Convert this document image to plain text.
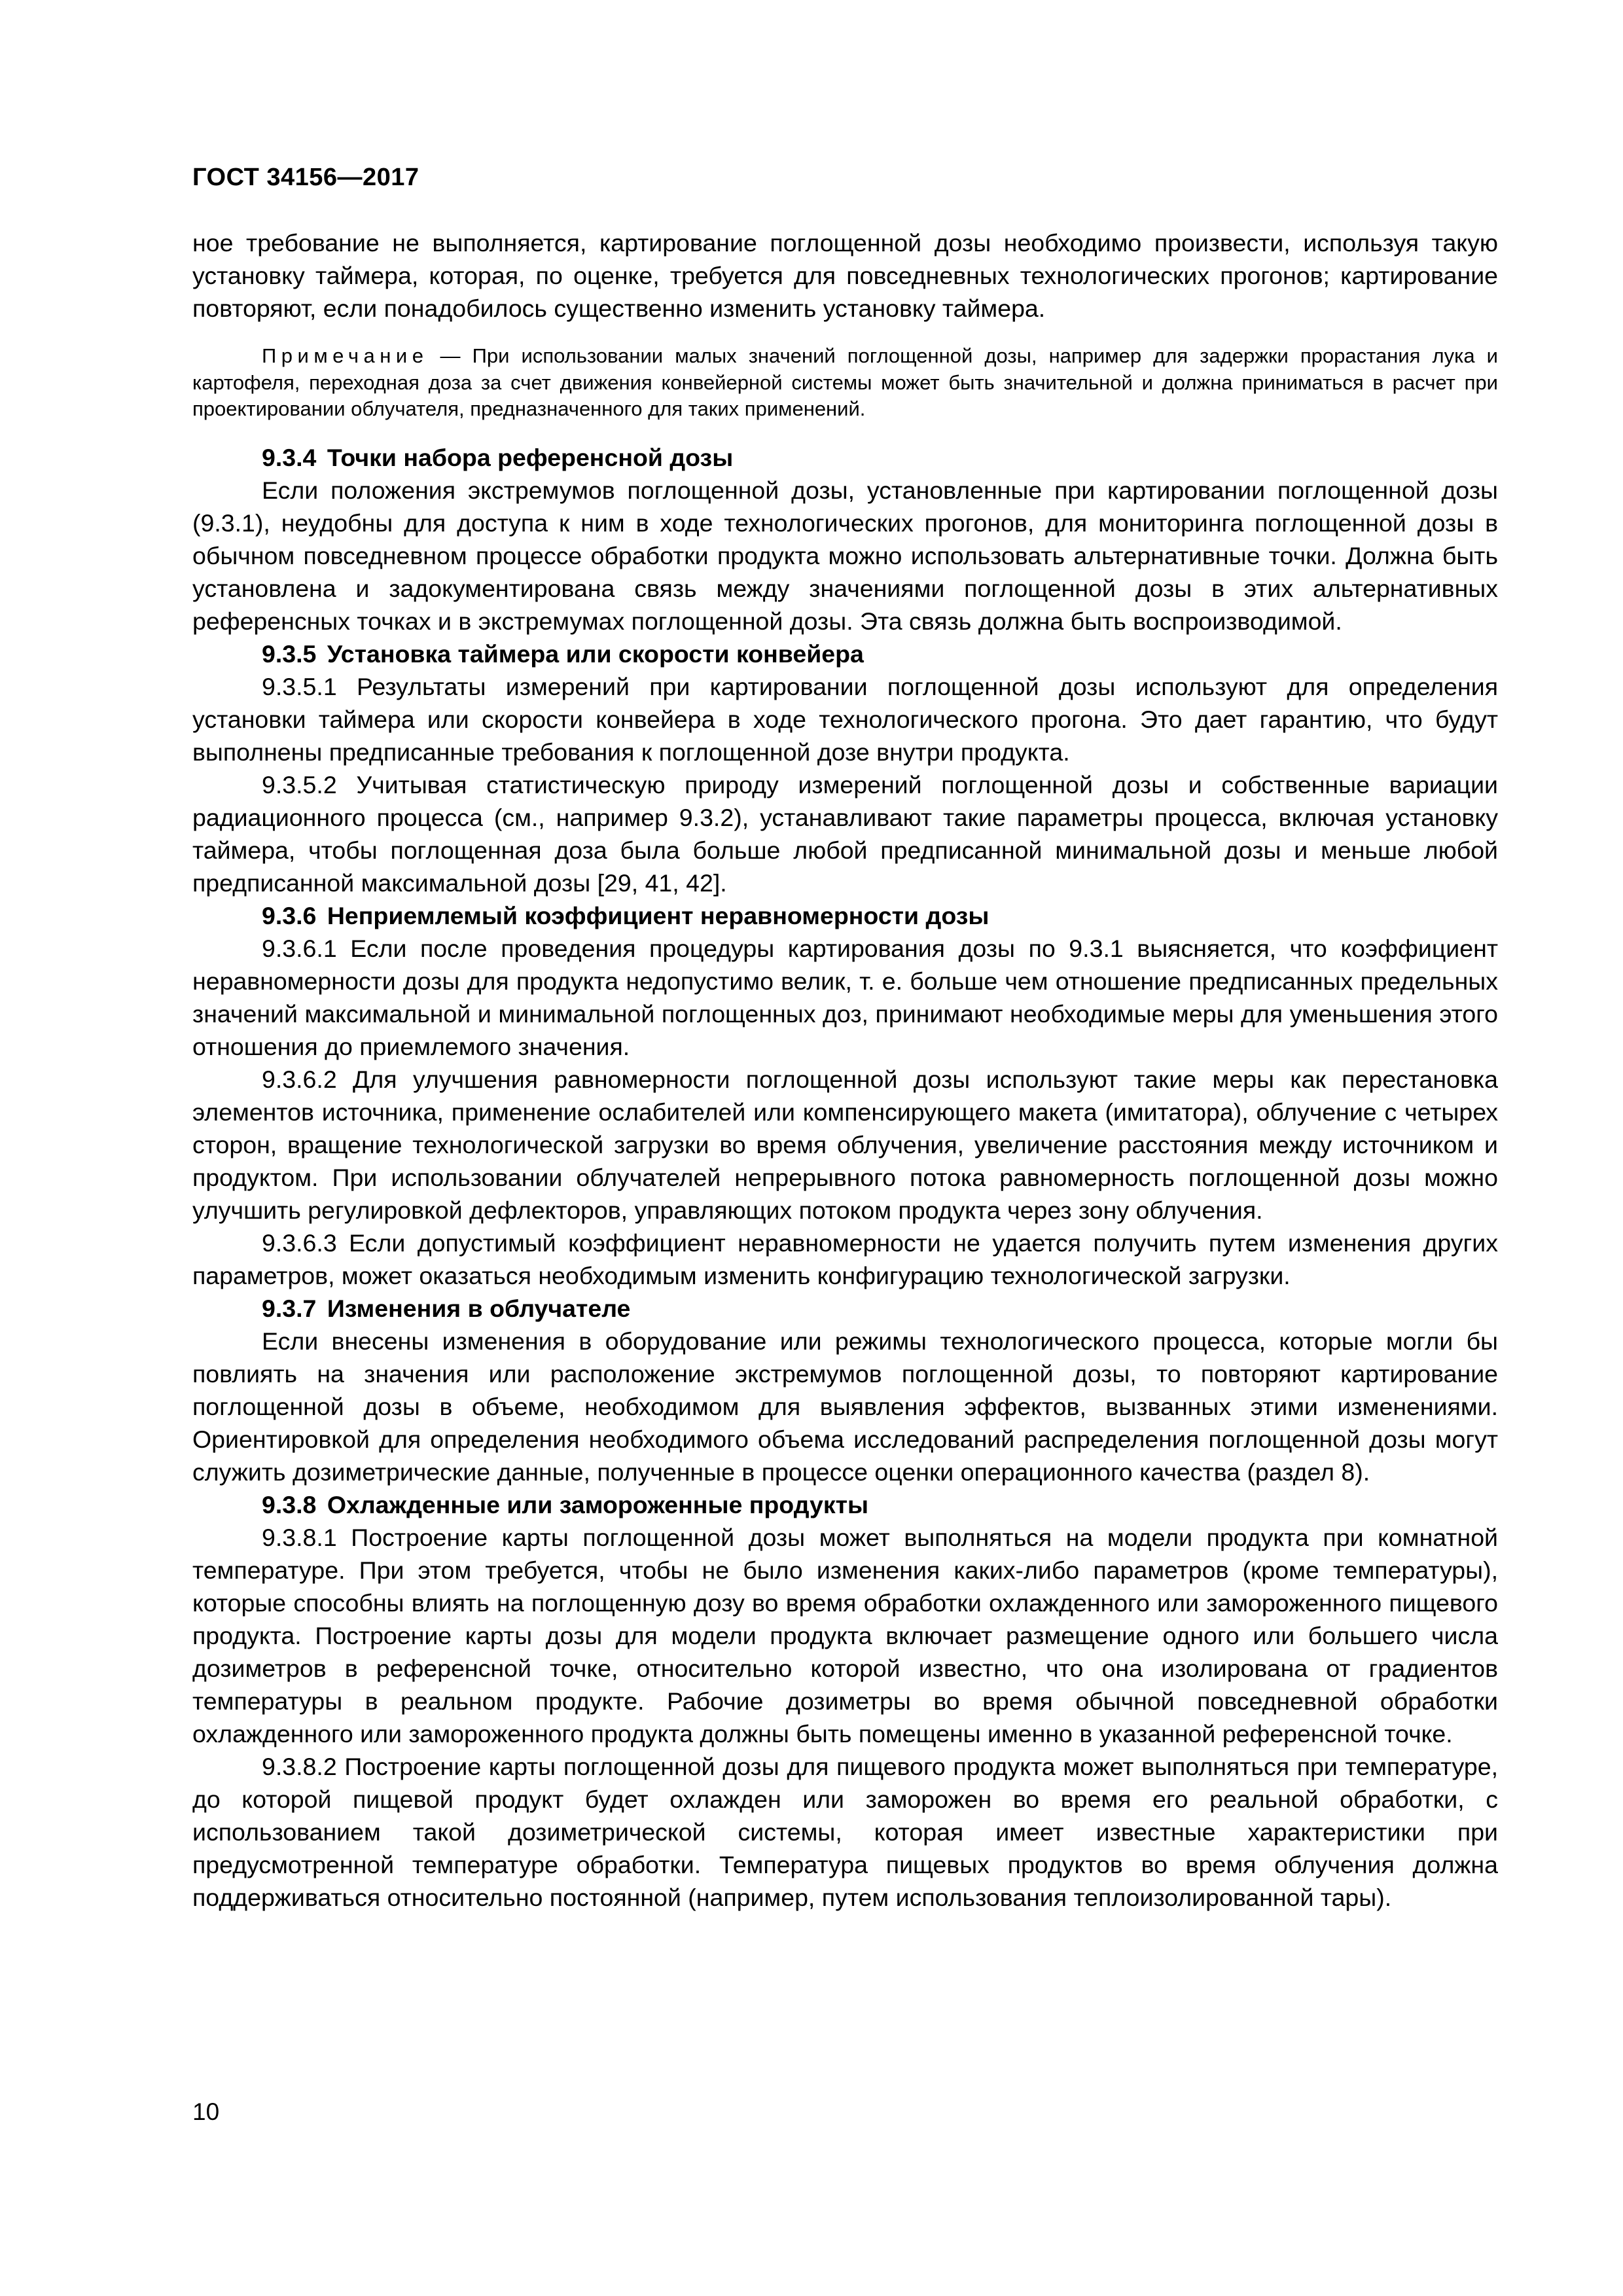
ГОСТ 34156—2017

ное требование не выполняется, картирование поглощенной дозы необходимо произвести, используя такую установку таймера, которая, по оценке, требуется для повседневных технологических прогонов; картирование повторяют, если понадобилось существенно изменить установку таймера.

Примечание — При использовании малых значений поглощенной дозы, например для задержки прорастания лука и картофеля, переходная доза за счет движения конвейерной системы может быть значительной и должна приниматься в расчет при проектировании облучателя, предназначенного для таких применений.

9.3.4 Точки набора референсной дозы

Если положения экстремумов поглощенной дозы, установленные при картировании поглощенной дозы (9.3.1), неудобны для доступа к ним в ходе технологических прогонов, для мониторинга поглощенной дозы в обычном повседневном процессе обработки продукта можно использовать альтернативные точки. Должна быть установлена и задокументирована связь между значениями поглощенной дозы в этих альтернативных референсных точках и в экстремумах поглощенной дозы. Эта связь должна быть воспроизводимой.

9.3.5 Установка таймера или скорости конвейера

9.3.5.1 Результаты измерений при картировании поглощенной дозы используют для определения установки таймера или скорости конвейера в ходе технологического прогона. Это дает гарантию, что будут выполнены предписанные требования к поглощенной дозе внутри продукта.

9.3.5.2 Учитывая статистическую природу измерений поглощенной дозы и собственные вариации радиационного процесса (см., например 9.3.2), устанавливают такие параметры процесса, включая установку таймера, чтобы поглощенная доза была больше любой предписанной минимальной дозы и меньше любой предписанной максимальной дозы [29, 41, 42].

9.3.6 Неприемлемый коэффициент неравномерности дозы

9.3.6.1 Если после проведения процедуры картирования дозы по 9.3.1 выясняется, что коэффициент неравномерности дозы для продукта недопустимо велик, т. е. больше чем отношение предписанных предельных значений максимальной и минимальной поглощенных доз, принимают необходимые меры для уменьшения этого отношения до приемлемого значения.

9.3.6.2 Для улучшения равномерности поглощенной дозы используют такие меры как перестановка элементов источника, применение ослабителей или компенсирующего макета (имитатора), облучение с четырех сторон, вращение технологической загрузки во время облучения, увеличение расстояния между источником и продуктом. При использовании облучателей непрерывного потока равномерность поглощенной дозы можно улучшить регулировкой дефлекторов, управляющих потоком продукта через зону облучения.

9.3.6.3 Если допустимый коэффициент неравномерности не удается получить путем изменения других параметров, может оказаться необходимым изменить конфигурацию технологической загрузки.

9.3.7 Изменения в облучателе

Если внесены изменения в оборудование или режимы технологического процесса, которые могли бы повлиять на значения или расположение экстремумов поглощенной дозы, то повторяют картирование поглощенной дозы в объеме, необходимом для выявления эффектов, вызванных этими изменениями. Ориентировкой для определения необходимого объема исследований распределения поглощенной дозы могут служить дозиметрические данные, полученные в процессе оценки операционного качества (раздел 8).

9.3.8 Охлажденные или замороженные продукты

9.3.8.1 Построение карты поглощенной дозы может выполняться на модели продукта при комнатной температуре. При этом требуется, чтобы не было изменения каких-либо параметров (кроме температуры), которые способны влиять на поглощенную дозу во время обработки охлажденного или замороженного пищевого продукта. Построение карты дозы для модели продукта включает размещение одного или большего числа дозиметров в референсной точке, относительно которой известно, что она изолирована от градиентов температуры в реальном продукте. Рабочие дозиметры во время обычной повседневной обработки охлажденного или замороженного продукта должны быть помещены именно в указанной референсной точке.

9.3.8.2 Построение карты поглощенной дозы для пищевого продукта может выполняться при температуре, до которой пищевой продукт будет охлажден или заморожен во время его реальной обработки, с использованием такой дозиметрической системы, которая имеет известные характеристики при предусмотренной температуре обработки. Температура пищевых продуктов во время облучения должна поддерживаться относительно постоянной (например, путем использования теплоизолированной тары).

10
